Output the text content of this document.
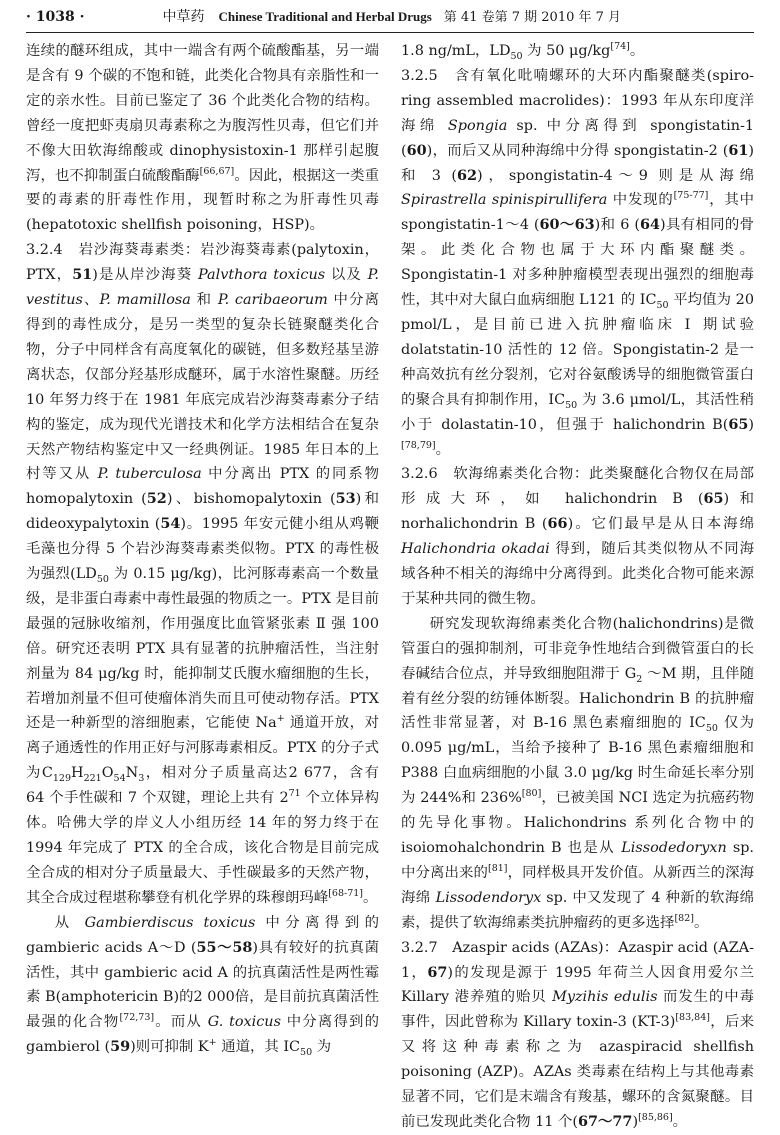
· 1038 ·	中草药 Chinese Traditional and Herbal Drugs 第 41 卷第 7 期 2010 年 7 月

连续的醚环组成，其中一端含有两个硫酸酯基，另一端是含有 9 个碳的不饱和链，此类化合物具有亲脂性和一定的亲水性。目前已鉴定了 36 个此类化合物的结构。曾经一度把虾夷扇贝毒素称之为腹泻性贝毒，但它们并不像大田软海绵酸或 dinophysistoxin-1 那样引起腹泻，也不抑制蛋白硫酸酯酶[66,67]。因此，根据这一类重要的毒素的肝毒性作用，现暂时称之为肝毒性贝毒(hepatotoxic shellfish poisoning，HSP)。

3.2.4　岩沙海葵毒素类：岩沙海葵毒素(palytoxin，PTX，51)是从岸沙海葵 Palvthora toxicus 以及 P. vestitus、P. mamillosa 和 P. caribaeorum 中分离得到的毒性成分，是另一类型的复杂长链聚醚类化合物，分子中同样含有高度氧化的碳链，但多数羟基呈游离状态，仅部分羟基形成醚环，属于水溶性聚醚。历经 10 年努力终于在 1981 年底完成岩沙海葵毒素分子结构的鉴定，成为现代光谱技术和化学方法相结合在复杂天然产物结构鉴定中又一经典例证。1985 年日本的上村等又从 P. tuberculosa 中分离出 PTX 的同系物 homopalytoxin (52)、bishomopalytoxin (53)和 dideoxypalytoxin (54)。1995 年安元健小组从鸡鞭毛藻也分得 5 个岩沙海葵毒素类似物。PTX 的毒性极为强烈($LD_{50}$ 为 0.15 μg/kg)，比河豚毒素高一个数量级，是非蛋白毒素中毒性最强的物质之一。PTX 是目前最强的冠脉收缩剂，作用强度比血管紧张素 Ⅱ 强 100 倍。研究还表明 PTX 具有显著的抗肿瘤活性，当注射剂量为 84 μg/kg 时，能抑制艾氏腹水瘤细胞的生长，若增加剂量不但可使瘤体消失而且可使动物存活。PTX 还是一种新型的溶细胞素，它能使 Na+ 通道开放，对离子通透性的作用正好与河豚毒素相反。PTX 的分子式为$C_{129}H_{221}O_{54}N_3$，相对分子质量高达2 677，含有 64 个手性碳和 7 个双键，理论上共有 $2^{71}$ 个立体异构体。哈佛大学的岸义人小组历经 14 年的努力终于在 1994 年完成了 PTX 的全合成，该化合物是目前完成全合成的相对分子质量最大、手性碳最多的天然产物，其全合成过程堪称攀登有机化学界的珠穆朗玛峰[68-71]。

从 Gambierdiscus toxicus 中分离得到的 gambieric acids A～D (55～58)具有较好的抗真菌活性，其中 gambieric acid A 的抗真菌活性是两性霉素 B(amphotericin B)的2 000倍，是目前抗真菌活性最强的化合物[72,73]。而从 G. toxicus 中分离得到的 gambierol (59)则可抑制 K+ 通道，其 $IC_{50}$ 为

1.8 ng/mL，$LD_{50}$ 为 50 μg/kg[74]。

3.2.5　含有氧化吡喃螺环的大环内酯聚醚类(spiro-ring assembled macrolides)：1993 年从东印度洋海绵 Spongia sp. 中分离得到 spongistatin-1 (60)，而后又从同种海绵中分得 spongistatin-2 (61)和 3 (62)，spongistatin-4～9 则是从海绵 Spirastrella spinispirullifera 中发现的[75-77]，其中 spongistatin-1～4 (60～63)和 6 (64)具有相同的骨架。此类化合物也属于大环内酯聚醚类。Spongistatin-1 对多种肿瘤模型表现出强烈的细胞毒性，其中对大鼠白血病细胞 L121 的 $IC_{50}$ 平均值为 20 pmol/L，是目前已进入抗肿瘤临床 Ⅰ 期试验 dolatstatin-10 活性的 12 倍。Spongistatin-2 是一种高效抗有丝分裂剂，它对谷氨酸诱导的细胞微管蛋白的聚合具有抑制作用，$IC_{50}$ 为 3.6 μmol/L，其活性稍小于 dolastatin-10，但强于 halichondrin B(65)[78,79]。

3.2.6　软海绵素类化合物：此类聚醚化合物仅在局部形成大环，如 halichondrin B (65)和 norhalichondrin B (66)。它们最早是从日本海绵 Halichondria okadai 得到，随后其类似物从不同海域各种不相关的海绵中分离得到。此类化合物可能来源于某种共同的微生物。

研究发现软海绵素类化合物(halichondrins)是微管蛋白的强抑制剂，可非竞争性地结合到微管蛋白的长春碱结合位点，并导致细胞阻滞于 $G_2$ ～M 期，且伴随着有丝分裂的纺锤体断裂。Halichondrin B 的抗肿瘤活性非常显著，对 B-16 黑色素瘤细胞的 $IC_{50}$ 仅为 0.095 μg/mL，当给予接种了 B-16 黑色素瘤细胞和 P388 白血病细胞的小鼠 3.0 μg/kg 时生命延长率分别为 244%和 236%[80]，已被美国 NCI 选定为抗癌药物的先导化事物。Halichondrins 系列化合物中的 isoiomohalchondrin B 也是从 Lissodedoryxn sp. 中分离出来的[81]，同样极具开发价值。从新西兰的深海海绵 Lissodendoryx sp. 中又发现了 4 种新的软海绵素，提供了软海绵素类抗肿瘤药的更多选择[82]。

3.2.7　Azaspir acids (AZAs)：Azaspir acid (AZA-1，67)的发现是源于 1995 年荷兰人因食用爱尔兰 Killary 港养殖的贻贝 Myzihis edulis 而发生的中毒事件，因此曾称为 Killary toxin-3 (KT-3)[83,84]，后来又将这种毒素称之为 azaspiracid shellfish poisoning (AZP)。AZAs 类毒素在结构上与其他毒素显著不同，它们是末端含有羧基，螺环的含氮聚醚。目前已发现此类化合物 11 个(67～77)[85,86]。
